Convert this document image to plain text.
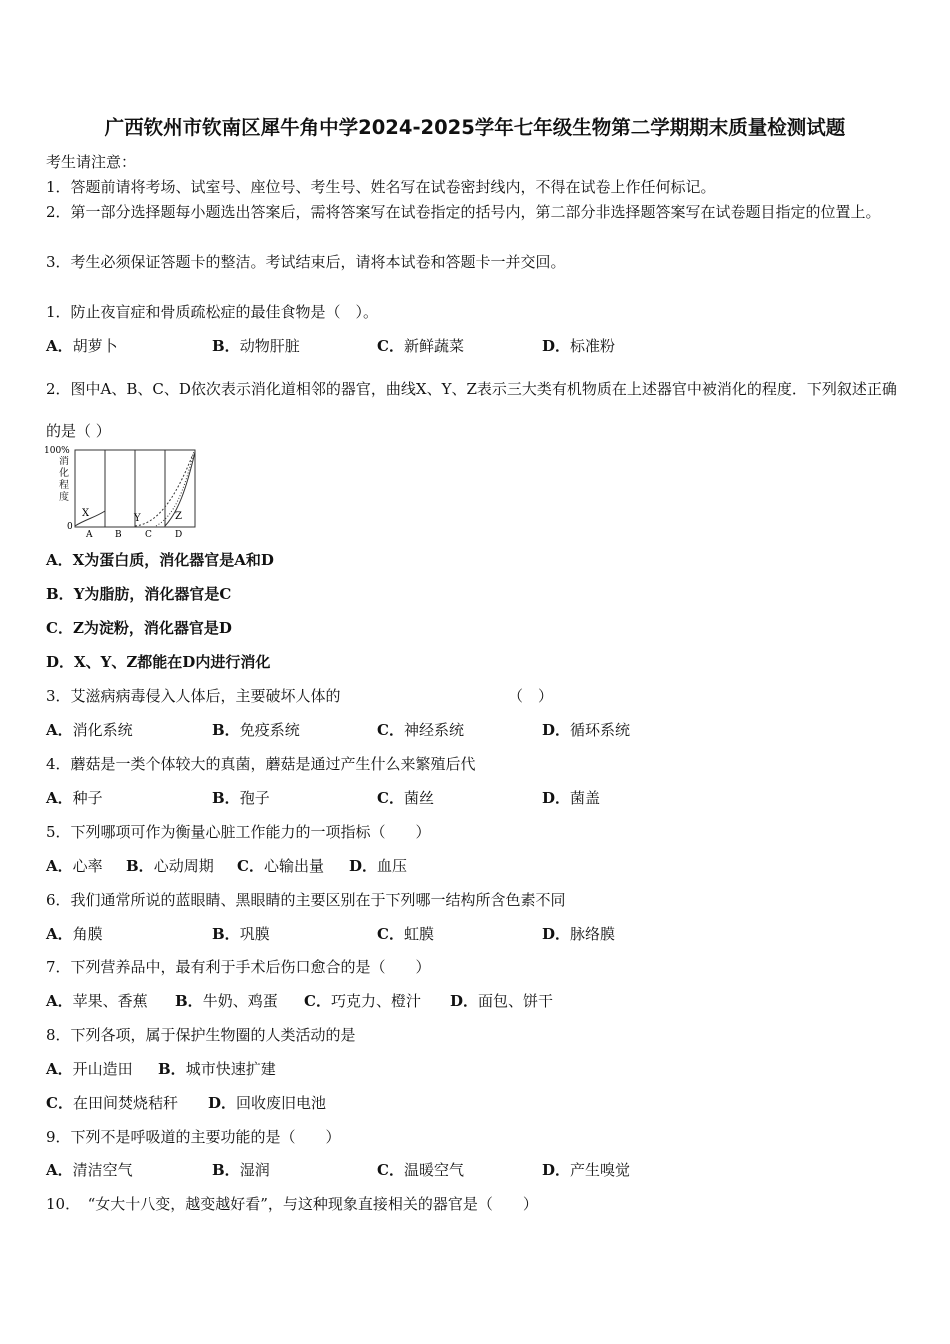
广西钦州市钦南区犀牛角中学2024-2025学年七年级生物第二学期期末质量检测试题
考生请注意：
1．答题前请将考场、试室号、座位号、考生号、姓名写在试卷密封线内，不得在试卷上作任何标记。
2．第一部分选择题每小题选出答案后，需将答案写在试卷指定的括号内，第二部分非选择题答案写在试卷题目指定的位置上。
3．考生必须保证答题卡的整洁。考试结束后，请将本试卷和答题卡一并交回。
1．防止夜盲症和骨质疏松症的最佳食物是（　）。
A．胡萝卜	B．动物肝脏	C．新鲜蔬菜	D．标准粉
2．图中A、B、C、D依次表示消化道相邻的器官，曲线X、Y、Z表示三大类有机物质在上述器官中被消化的程度．下列叙述正确的是（ ）
100%
0
消化程度
X	Y	Z
A	B	C	D
A．X为蛋白质，消化器官是A和D
B．Y为脂肪，消化器官是C
C．Z为淀粉，消化器官是D
D．X、Y、Z都能在D内进行消化
3．艾滋病病毒侵入人体后，主要破坏人体的	（　）
A．消化系统	B．免疫系统	C．神经系统	D．循环系统
4．蘑菇是一类个体较大的真菌，蘑菇是通过产生什么来繁殖后代
A．种子	B．孢子	C．菌丝	D．菌盖
5．下列哪项可作为衡量心脏工作能力的一项指标（　　）
A．心率 B．心动周期 C．心输出量 D．血压
6．我们通常所说的蓝眼睛、黑眼睛的主要区别在于下列哪一结构所含色素不同
A．角膜	B．巩膜	C．虹膜	D．脉络膜
7．下列营养品中，最有利于手术后伤口愈合的是（　　）
A．苹果、香蕉 B．牛奶、鸡蛋 C．巧克力、橙汁 D．面包、饼干
8．下列各项，属于保护生物圈的人类活动的是
A．开山造田 B．城市快速扩建
C．在田间焚烧秸秆 D．回收废旧电池
9．下列不是呼吸道的主要功能的是（　　）
A．清洁空气	B．湿润	C．温暖空气	D．产生嗅觉
10．　“女大十八变，越变越好看”，与这种现象直接相关的器官是（　　）
